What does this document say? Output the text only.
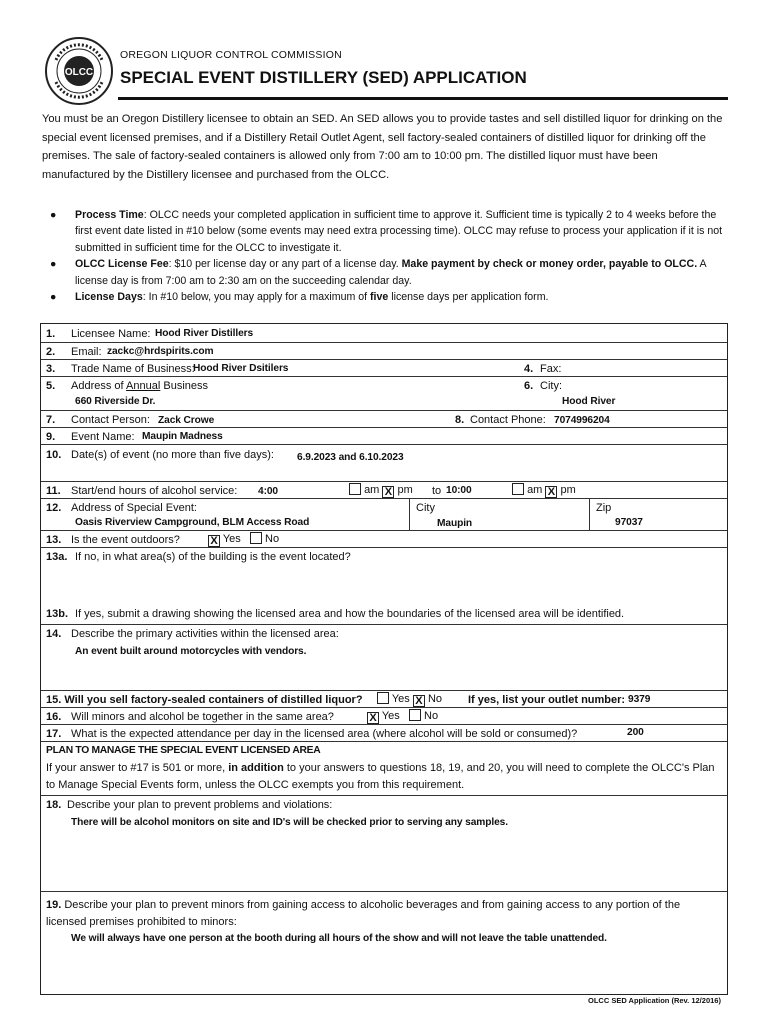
OLCC
OREGON LIQUOR CONTROL COMMISSION
SPECIAL EVENT DISTILLERY (SED) APPLICATION
You must be an Oregon Distillery licensee to obtain an SED. An SED allows you to provide tastes and sell distilled liquor for drinking on the special event licensed premises, and if a Distillery Retail Outlet Agent, sell factory-sealed containers of distilled liquor for drinking off the premises. The sale of factory-sealed containers is allowed only from 7:00 am to 10:00 pm. The distilled liquor must have been manufactured by the Distillery licensee and purchased from the OLCC.
● Process Time: OLCC needs your completed application in sufficient time to approve it. Sufficient time is typically 2 to 4 weeks before the first event date listed in #10 below (some events may need extra processing time). OLCC may refuse to process your application if it is not submitted in sufficient time for the OLCC to investigate it.
● OLCC License Fee: $10 per license day or any part of a license day. Make payment by check or money order, payable to OLCC. A license day is from 7:00 am to 2:30 am on the succeeding calendar day.
● License Days: In #10 below, you may apply for a maximum of five license days per application form.
1. Licensee Name: Hood River Distillers
2. Email: zackc@hrdspirits.com
3. Trade Name of Business:
Hood River Dsitilers	4. Fax:
5. Address of Annual Business
660 Riverside Dr.
6. City:
Hood River
7. Contact Person: Zack Crowe	8. Contact Phone: 7074996204
9. Event Name: Maupin Madness
10. Date(s) of event (no more than five days): 6.9.2023 and 6.10.2023
11. Start/end hours of alcohol service: 4:00	am X pm to 10:00	am X pm
12. Address of Special Event:
Oasis Riverview Campground, BLM Access Road
City
Maupin
Zip
97037
13. Is the event outdoors?	X Yes No
13a. If no, in what area(s) of the building is the event located?
13b. If yes, submit a drawing showing the licensed area and how the boundaries of the licensed area will be identified.
14. Describe the primary activities within the licensed area:
An event built around motorcycles with vendors.
15. Will you sell factory-sealed containers of distilled liquor?	Yes X No If yes, list your outlet number: 9379
16. Will minors and alcohol be together in the same area?	X Yes No
17. What is the expected attendance per day in the licensed area (where alcohol will be sold or consumed)?	200
PLAN TO MANAGE THE SPECIAL EVENT LICENSED AREA
If your answer to #17 is 501 or more, in addition to your answers to questions 18, 19, and 20, you will need to complete the OLCC's Plan to Manage Special Events form, unless the OLCC exempts you from this requirement.
18. Describe your plan to prevent problems and violations:
There will be alcohol monitors on site and ID's will be checked prior to serving any samples.
19. Describe your plan to prevent minors from gaining access to alcoholic beverages and from gaining access to any portion of the licensed premises prohibited to minors:
We will always have one person at the booth during all hours of the show and will not leave the table unattended.
OLCC SED Application (Rev. 12/2016)
